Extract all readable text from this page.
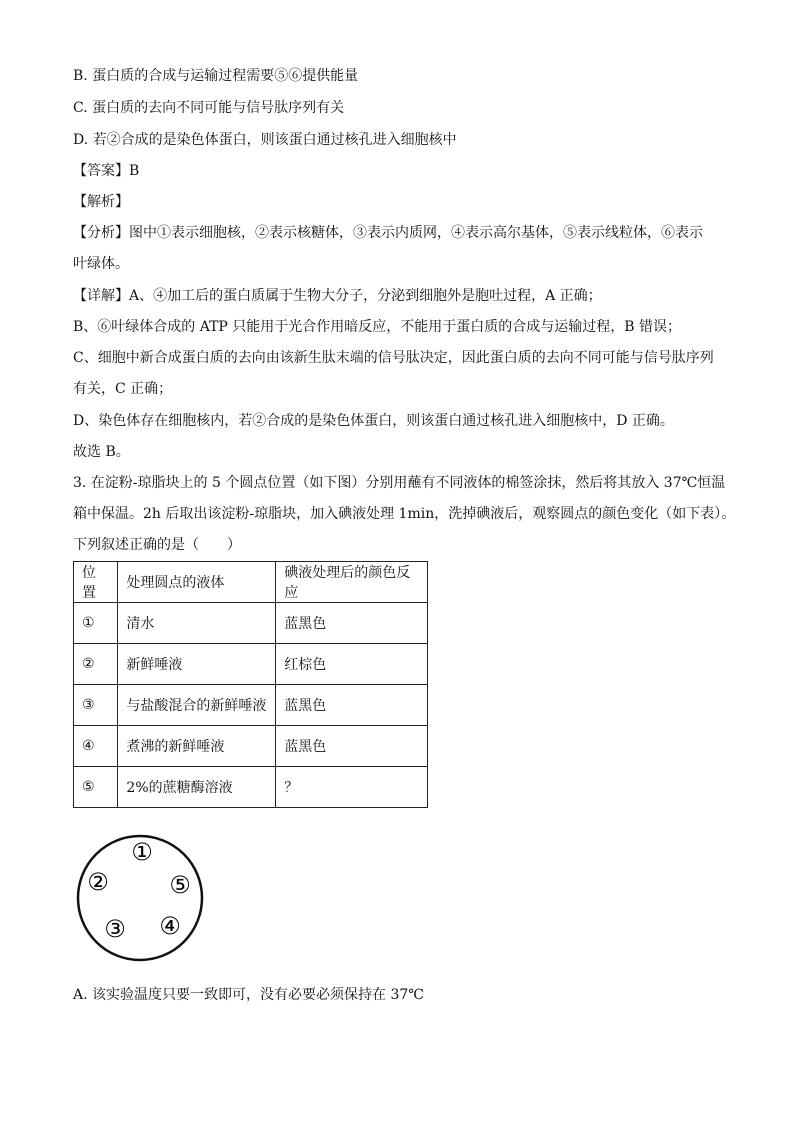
B. 蛋白质的合成与运输过程需要⑤⑥提供能量
C. 蛋白质的去向不同可能与信号肽序列有关
D. 若②合成的是染色体蛋白，则该蛋白通过核孔进入细胞核中
【答案】B
【解析】
【分析】图中①表示细胞核，②表示核糖体，③表示内质网，④表示高尔基体，⑤表示线粒体，⑥表示
叶绿体。
【详解】A、④加工后的蛋白质属于生物大分子，分泌到细胞外是胞吐过程，A 正确；
B、⑥叶绿体合成的 ATP 只能用于光合作用暗反应，不能用于蛋白质的合成与运输过程，B 错误；
C、细胞中新合成蛋白质的去向由该新生肽末端的信号肽决定，因此蛋白质的去向不同可能与信号肽序列
有关，C 正确；
D、染色体存在细胞核内，若②合成的是染色体蛋白，则该蛋白通过核孔进入细胞核中，D 正确。
故选 B。
3. 在淀粉-琼脂块上的 5 个圆点位置（如下图）分别用蘸有不同液体的棉签涂抹，然后将其放入 37℃恒温
箱中保温。2h 后取出该淀粉-琼脂块，加入碘液处理 1min，洗掉碘液后，观察圆点的颜色变化（如下表）。
下列叙述正确的是（　　）
位置	处理圆点的液体	碘液处理后的颜色反应
①	清水	蓝黑色
②	新鲜唾液	红棕色
③	与盐酸混合的新鲜唾液	蓝黑色
④	煮沸的新鲜唾液	蓝黑色
⑤	2%的蔗糖酶溶液	？
①
②
③ ④
⑤
A. 该实验温度只要一致即可，没有必要必须保持在 37℃
